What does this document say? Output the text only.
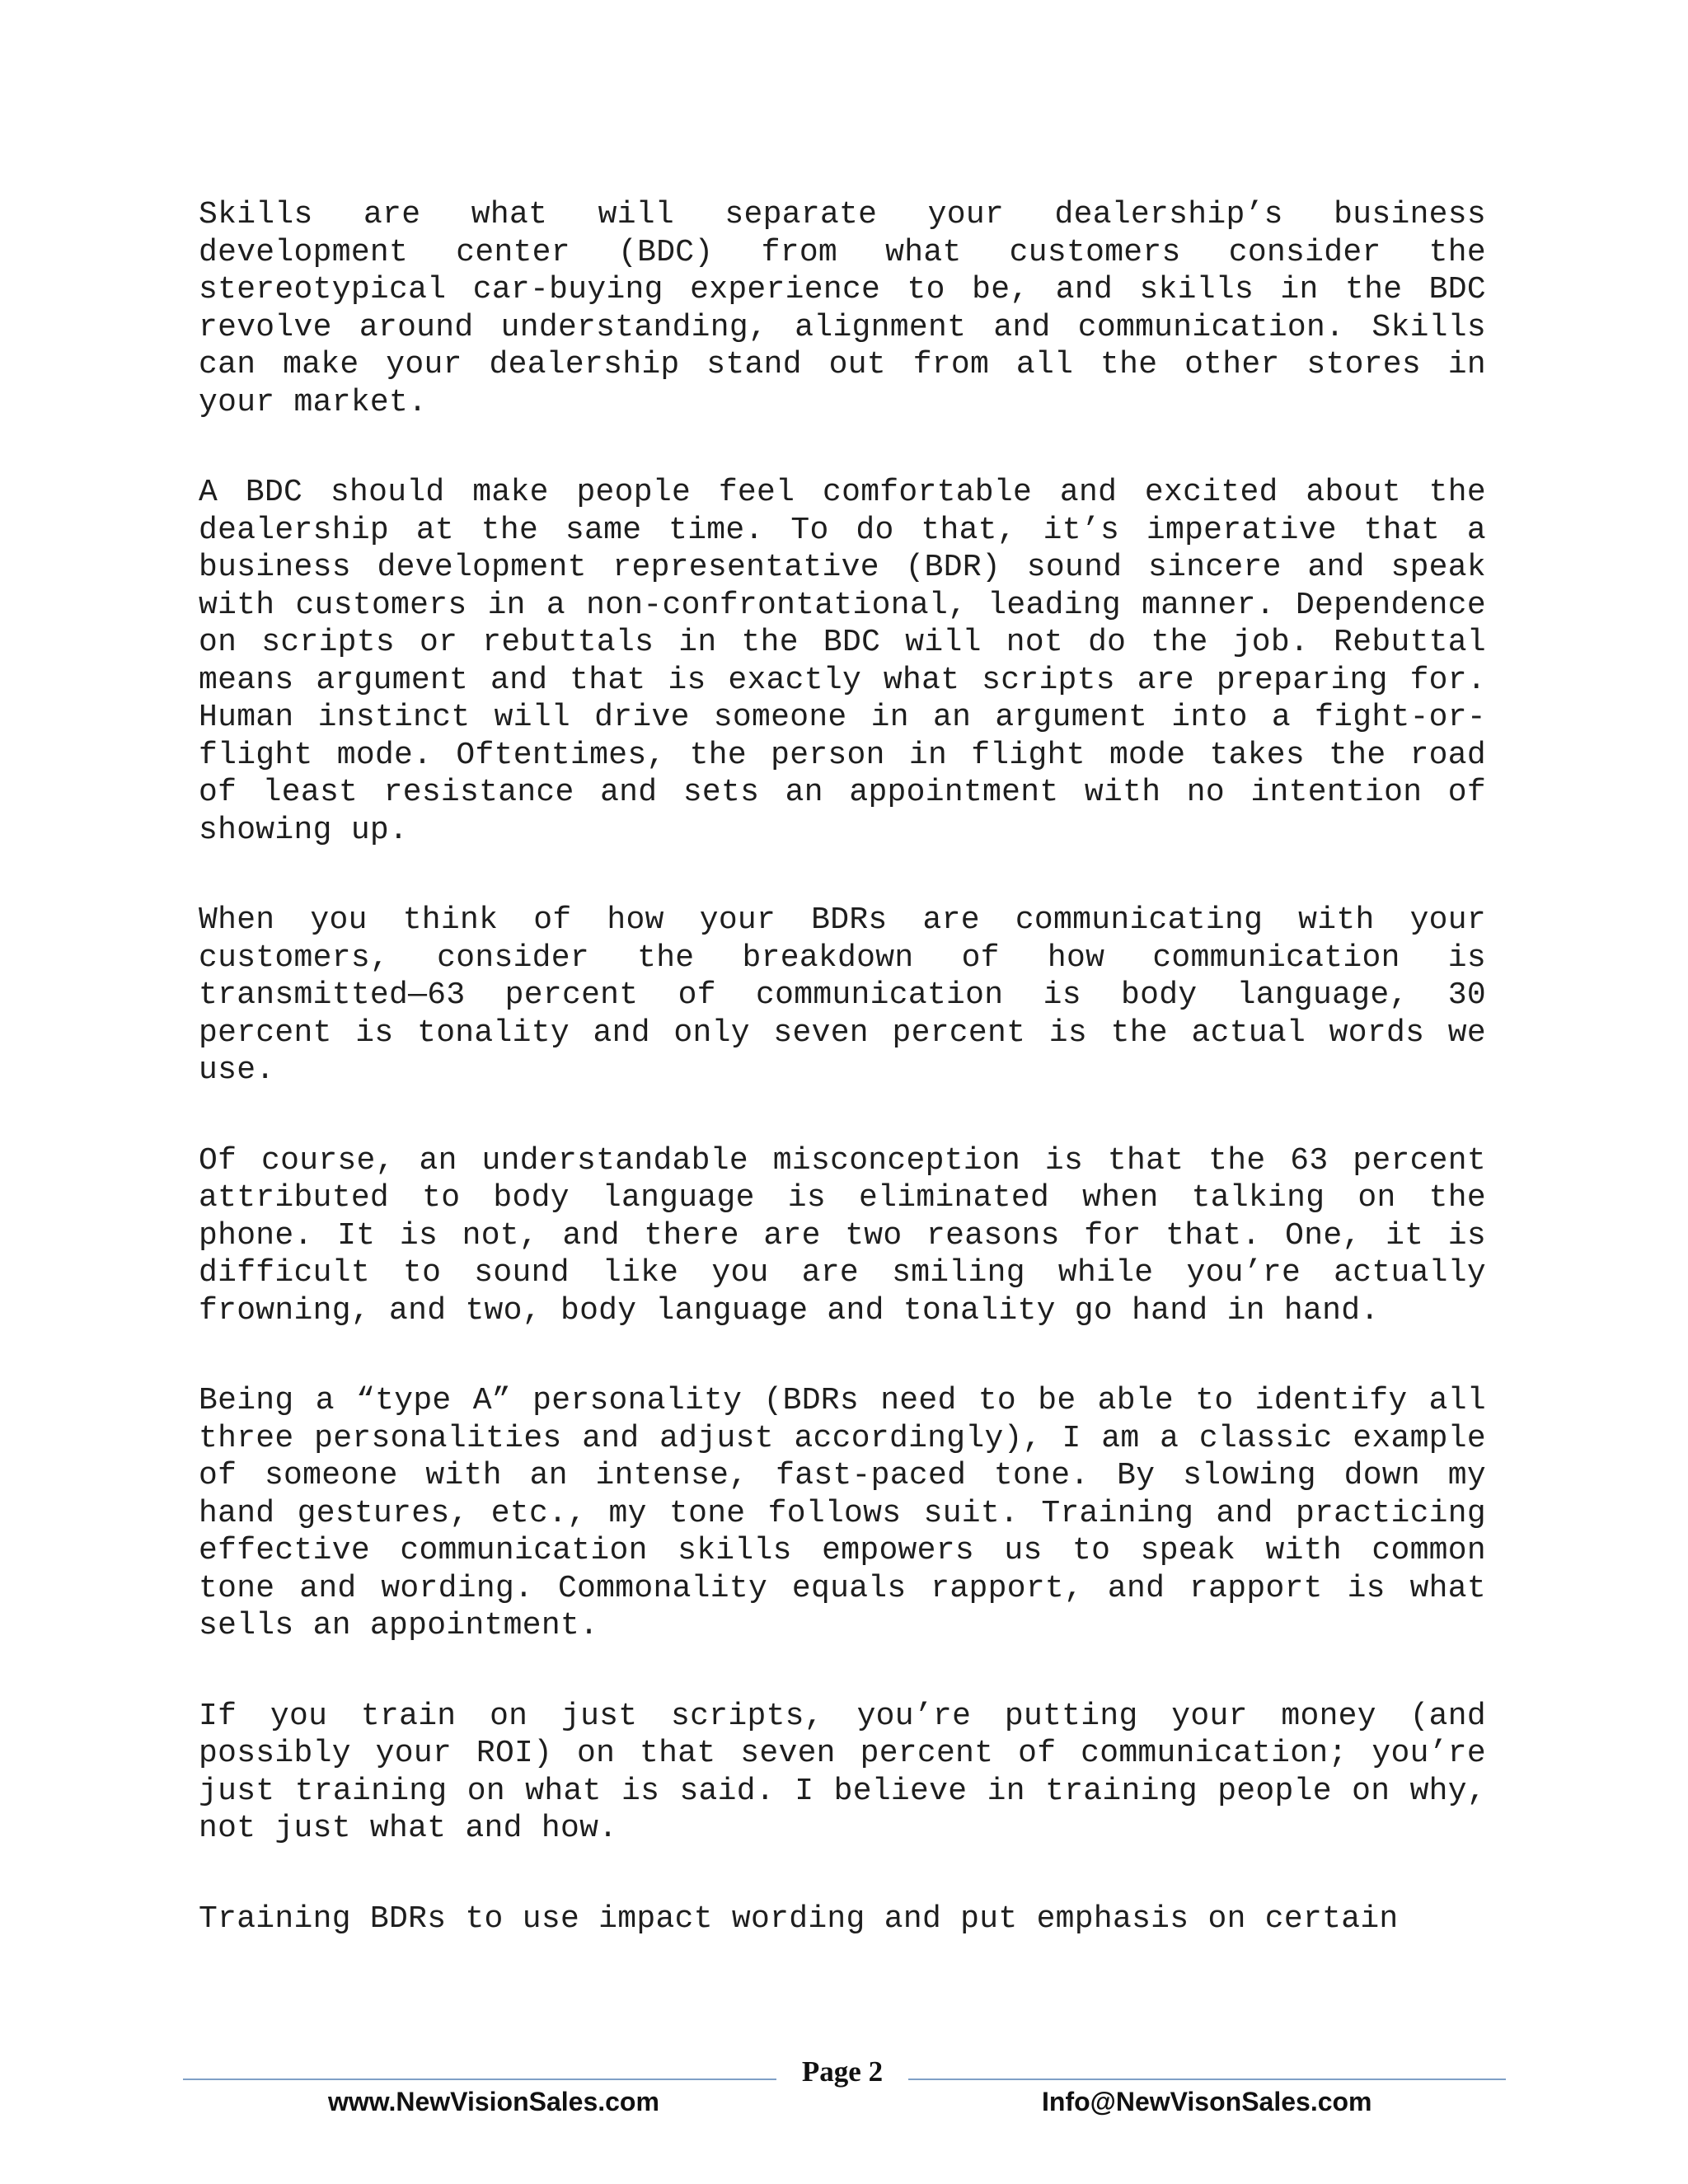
Skills are what will separate your dealership’s business development center (BDC) from what customers consider the stereotypical car-buying experience to be, and skills in the BDC revolve around understanding, alignment and communication. Skills can make your dealership stand out from all the other stores in your market.

A BDC should make people feel comfortable and excited about the dealership at the same time. To do that, it’s imperative that a business development representative (BDR) sound sincere and speak with customers in a non-confrontational, leading manner. Dependence on scripts or rebuttals in the BDC will not do the job. Rebuttal means argument and that is exactly what scripts are preparing for. Human instinct will drive someone in an argument into a fight-or-flight mode. Oftentimes, the person in flight mode takes the road of least resistance and sets an appointment with no intention of showing up.

When you think of how your BDRs are communicating with your customers, consider the breakdown of how communication is transmitted—63 percent of communication is body language, 30 percent is tonality and only seven percent is the actual words we use.

Of course, an understandable misconception is that the 63 percent attributed to body language is eliminated when talking on the phone. It is not, and there are two reasons for that. One, it is difficult to sound like you are smiling while you’re actually frowning, and two, body language and tonality go hand in hand.

Being a “type A” personality (BDRs need to be able to identify all three personalities and adjust accordingly), I am a classic example of someone with an intense, fast-paced tone. By slowing down my hand gestures, etc., my tone follows suit. Training and practicing effective communication skills empowers us to speak with common tone and wording. Commonality equals rapport, and rapport is what sells an appointment.

If you train on just scripts, you’re putting your money (and possibly your ROI) on that seven percent of communication; you’re just training on what is said. I believe in training people on why, not just what and how.

Training BDRs to use impact wording and put emphasis on certain

Page 2
www.NewVisionSales.com	Info@NewVisonSales.com
